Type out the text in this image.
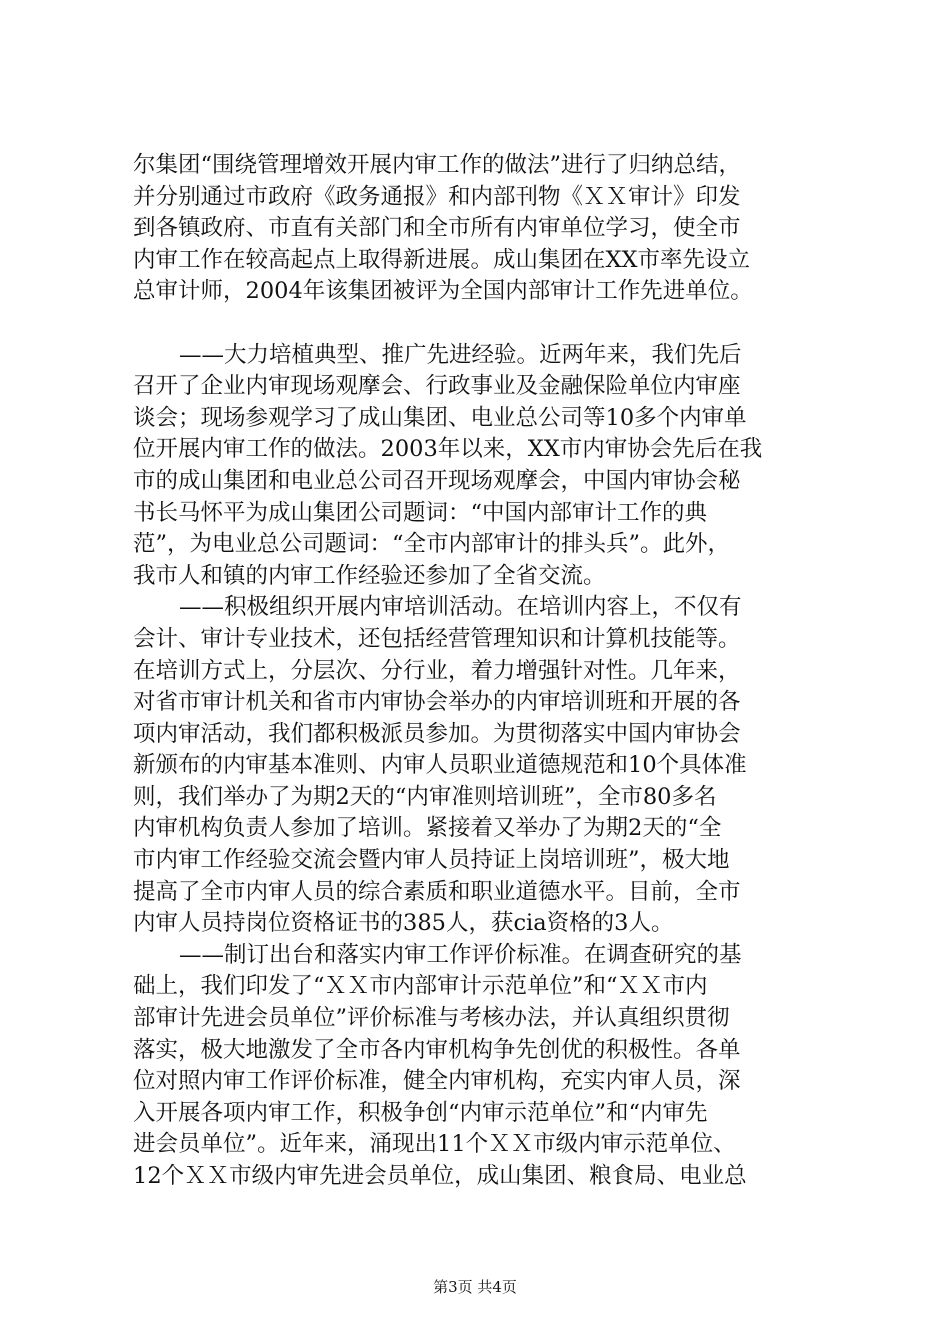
尔集团“围绕管理增效开展内审工作的做法”进行了归纳总结，
并分别通过市政府《政务通报》和内部刊物《ＸＸ审计》印发
到各镇政府、市直有关部门和全市所有内审单位学习，使全市
内审工作在较高起点上取得新进展。成山集团在XX市率先设立
总审计师，2004年该集团被评为全国内部审计工作先进单位。

——大力培植典型、推广先进经验。近两年来，我们先后
召开了企业内审现场观摩会、行政事业及金融保险单位内审座
谈会；现场参观学习了成山集团、电业总公司等10多个内审单
位开展内审工作的做法。2003年以来，XX市内审协会先后在我
市的成山集团和电业总公司召开现场观摩会，中国内审协会秘
书长马怀平为成山集团公司题词：“中国内部审计工作的典
范”，为电业总公司题词：“全市内部审计的排头兵”。此外，
我市人和镇的内审工作经验还参加了全省交流。

——积极组织开展内审培训活动。在培训内容上，不仅有
会计、审计专业技术，还包括经营管理知识和计算机技能等。
在培训方式上，分层次、分行业，着力增强针对性。几年来，
对省市审计机关和省市内审协会举办的内审培训班和开展的各
项内审活动，我们都积极派员参加。为贯彻落实中国内审协会
新颁布的内审基本准则、内审人员职业道德规范和10个具体准
则，我们举办了为期2天的“内审准则培训班”，全市80多名
内审机构负责人参加了培训。紧接着又举办了为期2天的“全
市内审工作经验交流会暨内审人员持证上岗培训班”，极大地
提高了全市内审人员的综合素质和职业道德水平。目前，全市
内审人员持岗位资格证书的385人，获cia资格的3人。

——制订出台和落实内审工作评价标准。在调查研究的基
础上，我们印发了“ＸＸ市内部审计示范单位”和“ＸＸ市内
部审计先进会员单位”评价标准与考核办法，并认真组织贯彻
落实，极大地激发了全市各内审机构争先创优的积极性。各单
位对照内审工作评价标准，健全内审机构，充实内审人员，深
入开展各项内审工作，积极争创“内审示范单位”和“内审先
进会员单位”。近年来，涌现出11个ＸＸ市级内审示范单位、
12个ＸＸ市级内审先进会员单位，成山集团、粮食局、电业总

第3页 共4页
